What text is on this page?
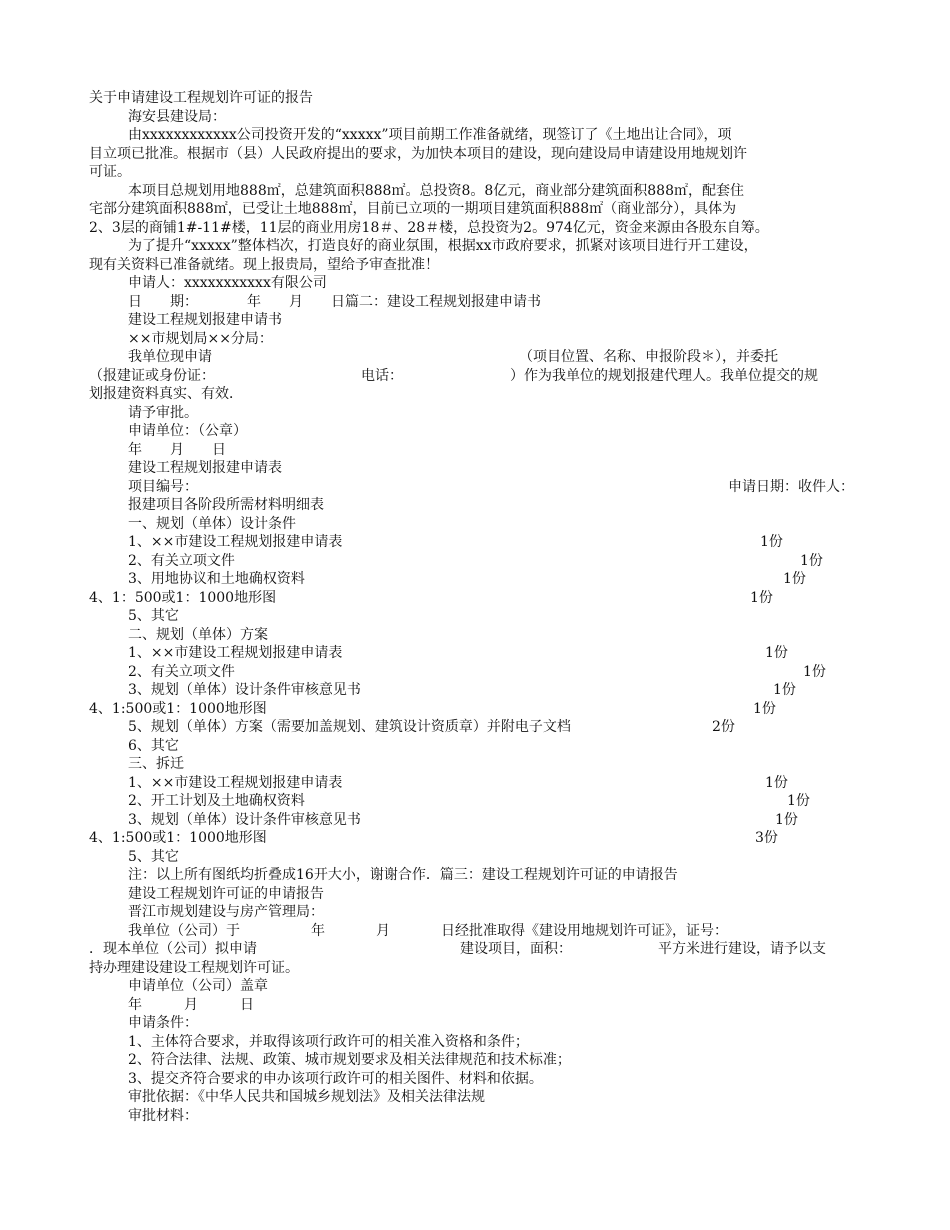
关于申请建设工程规划许可证的报告
海安县建设局：
由xxxxxxxxxxxx公司投资开发的“xxxxx”项目前期工作准备就绪，现签订了《土地出让合同》，项
目立项已批准。根据市（县）人民政府提出的要求，为加快本项目的建设，现向建设局申请建设用地规划许
可证。
本项目总规划用地888㎡，总建筑面积888㎡。总投资8。8亿元，商业部分建筑面积888㎡，配套住
宅部分建筑面积888㎡，已受让土地888㎡，目前已立项的一期项目建筑面积888㎡（商业部分），具体为
2、3层的商铺1#-11#楼，11层的商业用房18＃、28＃楼，总投资为2。974亿元，资金来源由各股东自筹。
为了提升“xxxxx”整体档次，打造良好的商业氛围，根据xx市政府要求，抓紧对该项目进行开工建设，
现有关资料已准备就绪。现上报贵局，望给予审查批准！
申请人：xxxxxxxxxxx有限公司
日　　期：　　　　年　　月　　日篇二：建设工程规划报建申请书
建设工程规划报建申请书
××市规划局××分局：
我单位现申请	（项目位置、名称、申报阶段＊），并委托
（报建证或身份证：	电话：	）作为我单位的规划报建代理人。我单位提交的规
划报建资料真实、有效．
请予审批。
申请单位：（公章）
年　　月　　日
建设工程规划报建申请表
项目编号：	申请日期：收件人：
报建项目各阶段所需材料明细表
一、规划（单体）设计条件
1、××市建设工程规划报建申请表	1份
2、有关立项文件	1份
3、用地协议和土地确权资料	1份
4、1：500或1：1000地形图	1份
5、其它
二、规划（单体）方案
1、××市建设工程规划报建申请表	1份
2、有关立项文件	1份
3、规划（单体）设计条件审核意见书	1份
4、1:500或1：1000地形图	1份
5、规划（单体）方案（需要加盖规划、建筑设计资质章）并附电子文档	2份
6、其它
三、拆迁
1、××市建设工程规划报建申请表	1份
2、开工计划及土地确权资料	1份
3、规划（单体）设计条件审核意见书	1份
4、1:500或1：1000地形图	3份
5、其它
注：以上所有图纸均折叠成16开大小，谢谢合作．篇三：建设工程规划许可证的申请报告
建设工程规划许可证的申请报告
晋江市规划建设与房产管理局：
我单位（公司）于	年	月	日经批准取得《建设用地规划许可证》，证号：
．现本单位（公司）拟申请	建设项目，面积：	平方米进行建设，请予以支
持办理建设建设工程规划许可证。
申请单位（公司）盖章
年　　　月　　　日
申请条件：
1、主体符合要求，并取得该项行政许可的相关准入资格和条件；
2、符合法律、法规、政策、城市规划要求及相关法律规范和技术标准；
3、提交齐符合要求的申办该项行政许可的相关图件、材料和依据。
审批依据：《中华人民共和国城乡规划法》及相关法律法规
审批材料：
